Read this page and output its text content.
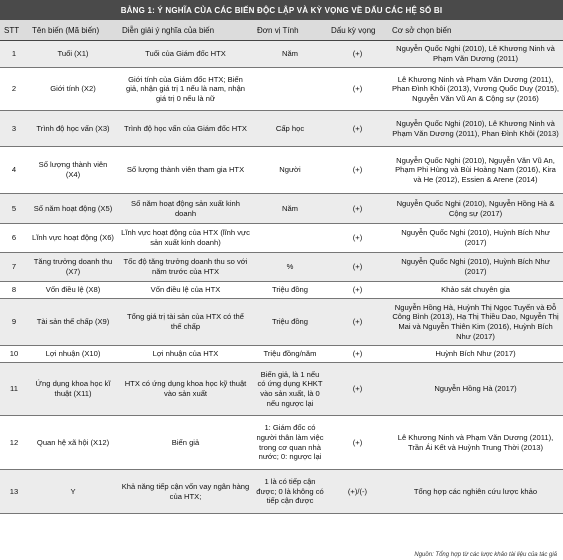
BẢNG 1: Ý NGHĨA CỦA CÁC BIẾN ĐỘC LẬP VÀ KỲ VỌNG VỀ DẤU CÁC HỆ SỐ BI
STT	Tên biến (Mã biến)	Diễn giải ý nghĩa của biến	Đơn vị Tính	Dấu kỳ vọng	Cơ sở chọn biến
1	Tuổi (X1)	Tuổi của Giám đốc HTX	Năm	(+)	Nguyễn Quốc Nghi (2010), Lê Khương Ninh và Phạm Văn Dương (2011)
2	Giới tính (X2)	Giới tính của Giám đốc HTX; Biến giả, nhận giá trị 1 nếu là nam, nhận giá trị 0 nếu là nữ		(+)	Lê Khương Ninh và Phạm Văn Dương (2011), Phan Đình Khôi (2013), Vương Quốc Duy (2015), Nguyễn Văn Vũ An & Cộng sự (2016)
3	Trình độ học vấn (X3)	Trình độ học vấn của Giám đốc HTX	Cấp học	(+)	Nguyễn Quốc Nghi (2010), Lê Khương Ninh và Phạm Văn Dương (2011), Phan Đình Khôi (2013)
4	Số lượng thành viên (X4)	Số lượng thành viên tham gia HTX	Người	(+)	Nguyễn Quốc Nghi (2010), Nguyễn Văn Vũ An, Phạm Phi Hùng và Bùi Hoàng Nam (2016), Kira và He (2012), Essien & Arene (2014)
5	Số năm hoạt động (X5)	Số năm hoạt động sản xuất kinh doanh	Năm	(+)	Nguyễn Quốc Nghi (2010), Nguyễn Hồng Hà & Cộng sự (2017)
6	Lĩnh vực hoạt động (X6)	Lĩnh vực hoạt động của HTX (lĩnh vực sản xuất kinh doanh)		(+)	Nguyễn Quốc Nghi (2010), Huỳnh Bích Như (2017)
7	Tăng trưởng doanh thu (X7)	Tốc độ tăng trưởng doanh thu so với năm trước của HTX	%	(+)	Nguyễn Quốc Nghi (2010), Huỳnh Bích Như (2017)
8	Vốn điều lệ (X8)	Vốn điều lệ của HTX	Triệu đồng	(+)	Khảo sát chuyên gia
9	Tài sản thế chấp (X9)	Tổng giá trị tài sản của HTX có thể thế chấp	Triệu đồng	(+)	Nguyễn Hồng Hà, Huỳnh Thị Ngọc Tuyến và Đỗ Công Bình (2013), Hạ Thị Thiều Dao, Nguyễn Thị Mai và Nguyễn Thiên Kim (2016), Huỳnh Bích Như (2017)
10	Lợi nhuận (X10)	Lợi nhuận của HTX	Triệu đồng/năm	(+)	Huỳnh Bích Như (2017)
11	Ứng dụng khoa học kĩ thuật (X11)	HTX có ứng dụng khoa học kỹ thuật vào sản xuất	Biến giả, là 1 nếu có ứng dụng KHKT vào sản xuất, là 0 nếu ngược lại	(+)	Nguyễn Hồng Hà (2017)
12	Quan hệ xã hội (X12)	Biến giả	1: Giám đốc có người thân làm việc trong cơ quan nhà nước; 0: ngược lại	(+)	Lê Khương Ninh và Phạm Văn Dương (2011), Trần Ái Kết và Huỳnh Trung Thời (2013)
13	Y	Khả năng tiếp cận vốn vay ngân hàng của HTX;	1 là có tiếp cận được; 0 là không có tiếp cận được	(+)/(-)	Tổng hợp các nghiên cứu lược khảo
Nguồn: Tổng hợp từ các lược khảo tài liệu của tác giả
